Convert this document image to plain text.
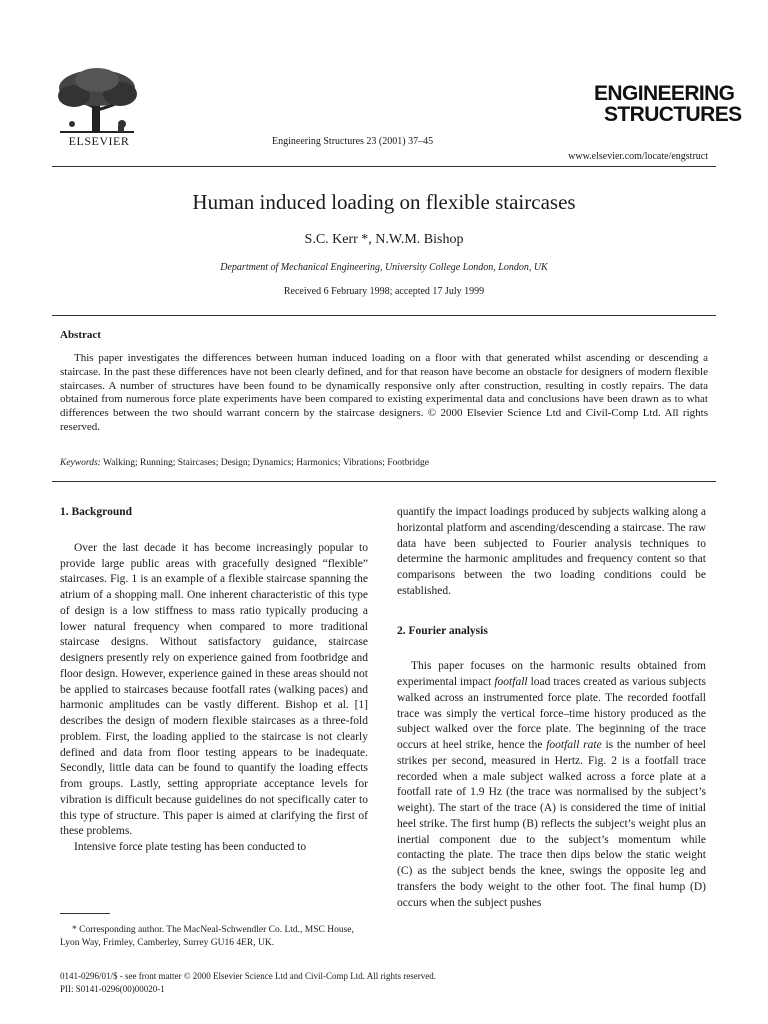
ELSEVIER	Engineering Structures 23 (2001) 37–45
ENGINEERING
STRUCTURES
www.elsevier.com/locate/engstruct
Human induced loading on flexible staircases
S.C. Kerr *, N.W.M. Bishop
Department of Mechanical Engineering, University College London, London, UK
Received 6 February 1998; accepted 17 July 1999
Abstract

This paper investigates the differences between human induced loading on a floor with that generated whilst ascending or descending a staircase. In the past these differences have not been clearly defined, and for that reason have become an obstacle for designers of modern flexible staircases. A number of structures have been found to be dynamically responsive only after construction, resulting in costly repairs. The data obtained from numerous force plate experiments have been compared to existing experimental data and conclusions have been drawn as to what differences between the two should warrant concern by the staircase designers. © 2000 Elsevier Science Ltd and Civil-Comp Ltd. All rights reserved.

Keywords: Walking; Running; Staircases; Design; Dynamics; Harmonics; Vibrations; Footbridge
1. Background

Over the last decade it has become increasingly popular to provide large public areas with gracefully designed “flexible” staircases. Fig. 1 is an example of a flexible staircase spanning the atrium of a shopping mall. One inherent characteristic of this type of design is a low stiffness to mass ratio typically producing a lower natural frequency when compared to more traditional staircase designs. Without satisfactory guidance, staircase designers presently rely on experience gained from footbridge and floor design. However, experience gained in these areas should not be applied to staircases because footfall rates (walking paces) and harmonic amplitudes can be vastly different. Bishop et al. [1] describes the design of modern flexible staircases as a three-fold problem. First, the loading applied to the staircase is not clearly defined and data from floor testing appears to be inadequate. Secondly, little data can be found to quantify the loading effects from groups. Lastly, setting appropriate acceptance levels for vibration is difficult because guidelines do not specifically cater to this type of structure. This paper is aimed at clarifying the first of these problems.

Intensive force plate testing has been conducted to

quantify the impact loadings produced by subjects walking along a horizontal platform and ascending/descending a staircase. The raw data have been subjected to Fourier analysis techniques to determine the harmonic amplitudes and frequency content so that comparisons between the two loading conditions could be established.

2. Fourier analysis

This paper focuses on the harmonic results obtained from experimental impact footfall load traces created as various subjects walked across an instrumented force plate. The recorded footfall trace was simply the vertical force–time history produced as the subject walked over the force plate. The beginning of the trace occurs at heel strike, hence the footfall rate is the number of heel strikes per second, measured in Hertz. Fig. 2 is a footfall trace recorded when a male subject walked across a force plate at a footfall rate of 1.9 Hz (the trace was normalised by the subject’s weight). The start of the trace (A) is considered the time of initial heel strike. The first hump (B) reflects the subject’s weight plus an inertial component due to the subject’s momentum while contacting the plate. The trace then dips below the static weight (C) as the subject bends the knee, swings the opposite leg and transfers the body weight to the other foot. The final hump (D) occurs when the subject pushes

* Corresponding author. The MacNeal-Schwendler Co. Ltd., MSC House, Lyon Way, Frimley, Camberley, Surrey GU16 4ER, UK.

0141-0296/01/$ - see front matter © 2000 Elsevier Science Ltd and Civil-Comp Ltd. All rights reserved.
PII: S0141-0296(00)00020-1
